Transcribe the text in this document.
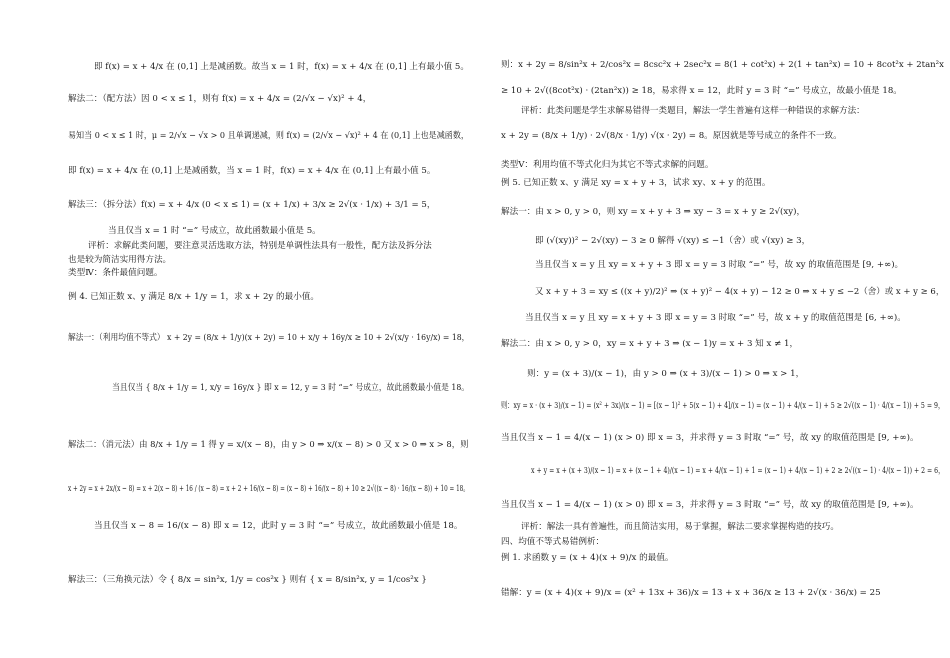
即 f(x) = x + 4/x 在 (0,1] 上是减函数。故当 x = 1 时，f(x) = x + 4/x 在 (0,1] 上有最小值 5。
解法二：（配方法）因 0 < x ≤ 1，则有 f(x) = x + 4/x = (2/√x − √x)² + 4，
易知当 0 < x ≤ 1 时，μ = 2/√x − √x > 0 且单调递减，则 f(x) = (2/√x − √x)² + 4 在 (0,1] 上也是减函数，
即 f(x) = x + 4/x 在 (0,1] 上是减函数，当 x = 1 时，f(x) = x + 4/x 在 (0,1] 上有最小值 5。
解法三：（拆分法）f(x) = x + 4/x (0 < x ≤ 1) = (x + 1/x) + 3/x ≥ 2√(x · 1/x) + 3/1 = 5，
当且仅当 x = 1 时 “=” 号成立，故此函数最小值是 5。
评析：求解此类问题，要注意灵活选取方法，特别是单调性法具有一般性，配方法及拆分法
也是较为简洁实用得方法。
类型Ⅳ：条件最值问题。
例 4. 已知正数 x、y 满足 8/x + 1/y = 1，求 x + 2y 的最小值。
解法一：（利用均值不等式） x + 2y = (8/x + 1/y)(x + 2y) = 10 + x/y + 16y/x ≥ 10 + 2√(x/y · 16y/x) = 18，
当且仅当 { 8/x + 1/y = 1, x/y = 16y/x } 即 x = 12, y = 3 时 “=” 号成立，故此函数最小值是 18。
解法二：（消元法）由 8/x + 1/y = 1 得 y = x/(x − 8)，由 y > 0 ⇒ x/(x − 8) > 0 又 x > 0 ⇒ x > 8，则
x + 2y = x + 2x/(x − 8) = x + 2(x − 8) + 16 / (x − 8) = x + 2 + 16/(x − 8) = (x − 8) + 16/(x − 8) + 10 ≥ 2√((x − 8) · 16/(x − 8)) + 10 = 18。
当且仅当 x − 8 = 16/(x − 8) 即 x = 12，此时 y = 3 时 “=” 号成立，故此函数最小值是 18。
解法三：（三角换元法）令 { 8/x = sin²x, 1/y = cos²x } 则有 { x = 8/sin²x, y = 1/cos²x }
则：x + 2y = 8/sin²x + 2/cos²x = 8csc²x + 2sec²x = 8(1 + cot²x) + 2(1 + tan²x) = 10 + 8cot²x + 2tan²x
≥ 10 + 2√((8cot²x) · (2tan²x)) ≥ 18，易求得 x = 12，此时 y = 3 时 “=” 号成立，故最小值是 18。
评析：此类问题是学生求解易错得一类题目，解法一学生普遍有这样一种错误的求解方法：
x + 2y = (8/x + 1/y) · 2√(8/x · 1/y) √(x · 2y) = 8。原因就是等号成立的条件不一致。
类型Ⅴ：利用均值不等式化归为其它不等式求解的问题。
例 5. 已知正数 x、y 满足 xy = x + y + 3，试求 xy、x + y 的范围。
解法一：由 x > 0, y > 0，则 xy = x + y + 3 ⇒ xy − 3 = x + y ≥ 2√(xy)，
即 (√(xy))² − 2√(xy) − 3 ≥ 0 解得 √(xy) ≤ −1（舍）或 √(xy) ≥ 3，
当且仅当 x = y 且 xy = x + y + 3 即 x = y = 3 时取 “=” 号，故 xy 的取值范围是 [9, +∞)。
又 x + y + 3 = xy ≤ ((x + y)/2)² ⇒ (x + y)² − 4(x + y) − 12 ≥ 0 ⇒ x + y ≤ −2（舍）或 x + y ≥ 6，
当且仅当 x = y 且 xy = x + y + 3 即 x = y = 3 时取 “=” 号，故 x + y 的取值范围是 [6, +∞)。
解法二：由 x > 0, y > 0，xy = x + y + 3 ⇒ (x − 1)y = x + 3 知 x ≠ 1，
则：y = (x + 3)/(x − 1)，由 y > 0 ⇒ (x + 3)/(x − 1) > 0 ⇒ x > 1，
则：xy = x · (x + 3)/(x − 1) = (x² + 3x)/(x − 1) = [(x − 1)² + 5(x − 1) + 4]/(x − 1) = (x − 1) + 4/(x − 1) + 5 ≥ 2√((x − 1) · 4/(x − 1)) + 5 = 9，
当且仅当 x − 1 = 4/(x − 1) (x > 0) 即 x = 3，并求得 y = 3 时取 “=” 号，故 xy 的取值范围是 [9, +∞)。
x + y = x + (x + 3)/(x − 1) = x + (x − 1 + 4)/(x − 1) = x + 4/(x − 1) + 1 = (x − 1) + 4/(x − 1) + 2 ≥ 2√((x − 1) · 4/(x − 1)) + 2 = 6，
当且仅当 x − 1 = 4/(x − 1) (x > 0) 即 x = 3，并求得 y = 3 时取 “=” 号，故 xy 的取值范围是 [9, +∞)。
评析：解法一具有普遍性，而且简洁实用，易于掌握，解法二要求掌握构造的技巧。
四、均值不等式易错例析：
例 1. 求函数 y = (x + 4)(x + 9)/x 的最值。
错解：y = (x + 4)(x + 9)/x = (x² + 13x + 36)/x = 13 + x + 36/x ≥ 13 + 2√(x · 36/x) = 25
